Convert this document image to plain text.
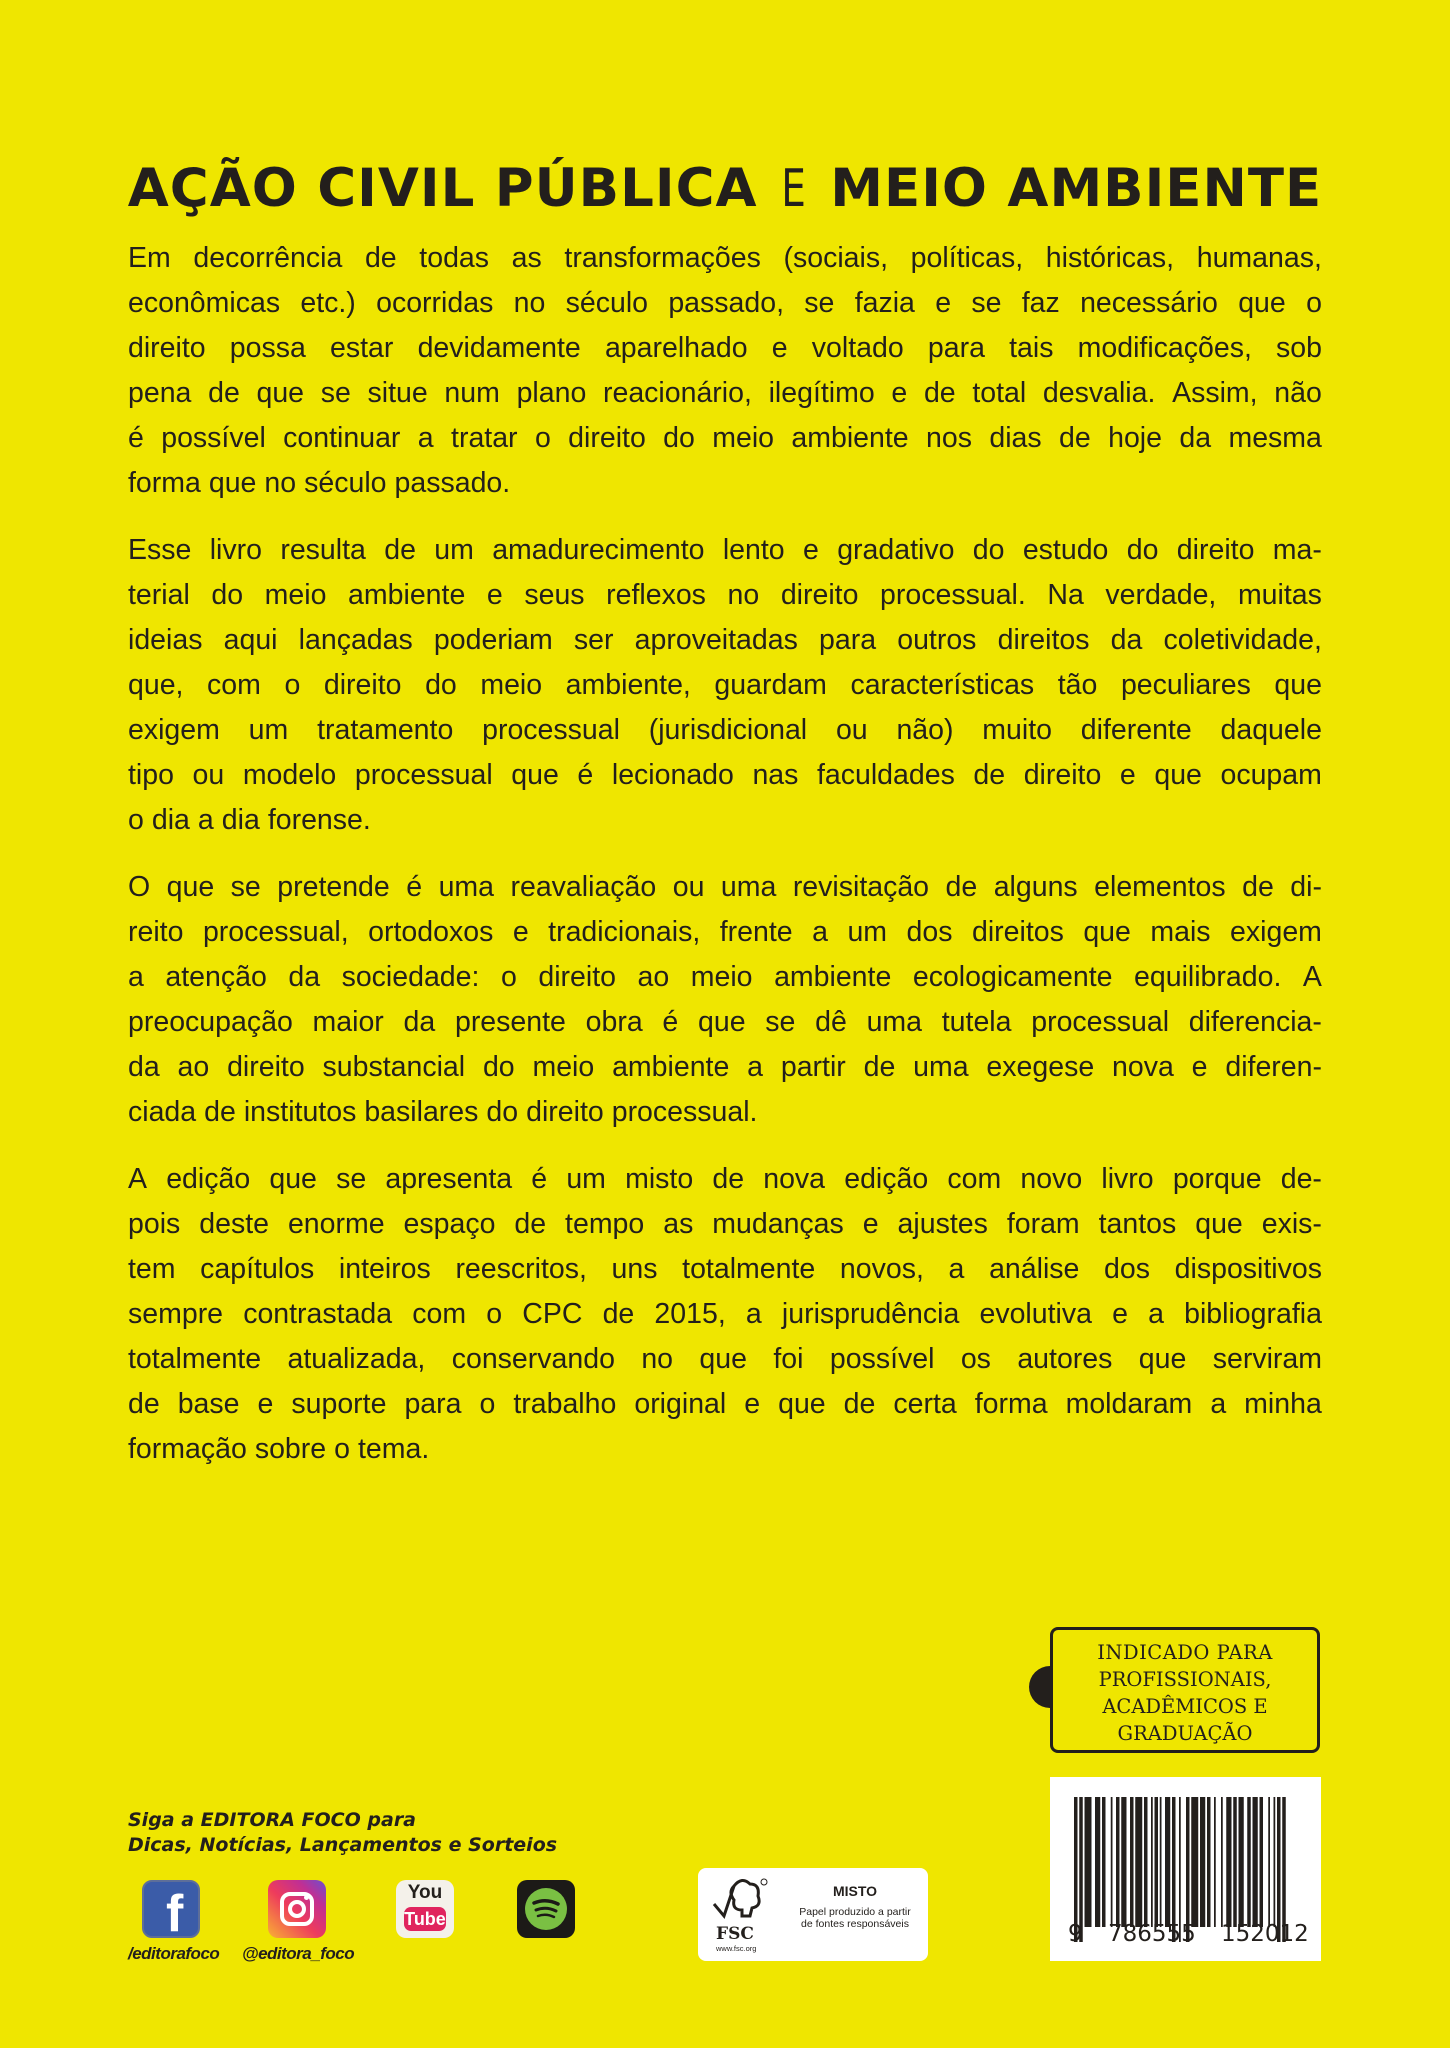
AÇÃO CIVIL PÚBLICA E MEIO AMBIENTE
Em decorrência de todas as transformações (sociais, políticas, históricas, humanas,
econômicas etc.) ocorridas no século passado, se fazia e se faz necessário que o
direito possa estar devidamente aparelhado e voltado para tais modificações, sob
pena de que se situe num plano reacionário, ilegítimo e de total desvalia. Assim, não
é possível continuar a tratar o direito do meio ambiente nos dias de hoje da mesma
forma que no século passado.
Esse livro resulta de um amadurecimento lento e gradativo do estudo do direito ma-
terial do meio ambiente e seus reflexos no direito processual. Na verdade, muitas
ideias aqui lançadas poderiam ser aproveitadas para outros direitos da coletividade,
que, com o direito do meio ambiente, guardam características tão peculiares que
exigem um tratamento processual (jurisdicional ou não) muito diferente daquele
tipo ou modelo processual que é lecionado nas faculdades de direito e que ocupam
o dia a dia forense.
O que se pretende é uma reavaliação ou uma revisitação de alguns elementos de di-
reito processual, ortodoxos e tradicionais, frente a um dos direitos que mais exigem
a atenção da sociedade: o direito ao meio ambiente ecologicamente equilibrado. A
preocupação maior da presente obra é que se dê uma tutela processual diferencia-
da ao direito substancial do meio ambiente a partir de uma exegese nova e diferen-
ciada de institutos basilares do direito processual.
A edição que se apresenta é um misto de nova edição com novo livro porque de-
pois deste enorme espaço de tempo as mudanças e ajustes foram tantos que exis-
tem capítulos inteiros reescritos, uns totalmente novos, a análise dos dispositivos
sempre contrastada com o CPC de 2015, a jurisprudência evolutiva e a bibliografia
totalmente atualizada, conservando no que foi possível os autores que serviram
de base e suporte para o trabalho original e que de certa forma moldaram a minha
formação sobre o tema.
INDICADO PARA
PROFISSIONAIS,
ACADÊMICOS E
GRADUAÇÃO
9 786555 152012
Siga a EDITORA FOCO para
Dicas, Notícias, Lançamentos e Sorteios
f
/editorafoco @editora_foco
You
Tube
FSC
www.fsc.org
MISTO
Papel produzido a partir
de fontes responsáveis
